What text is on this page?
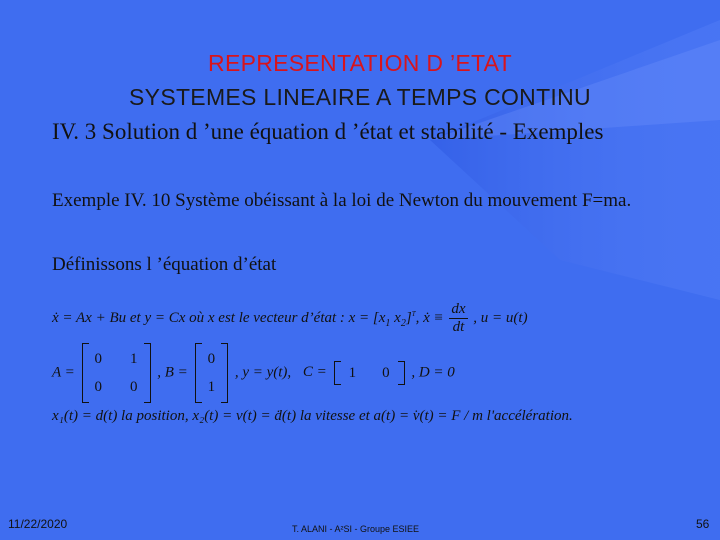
REPRESENTATION D ’ETAT
SYSTEMES LINEAIRE A TEMPS CONTINU
IV. 3 Solution d ’une équation d ’état et stabilité - Exemples
Exemple IV. 10 Système obéissant à la loi de Newton du mouvement F=ma.
Définissons l ’équation d’état
ẋ = Ax + Bu et y = Cx où x est le vecteur d’état : $x = [x_1$ $x_2]^T$, ẋ ≡ $\frac{dx}{dt}$ , u = u(t)
A =
0 1
0 0
, B =
0
1
, y = y(t), C = 1 0 , D = 0
x₁(t) = d(t) la position, x₂(t) = v(t) = ḋ(t) la vitesse et a(t) = v̇(t) = F / m l'accélération.
11/22/2020	T. ALANI - A²SI - Groupe ESIEE	56
